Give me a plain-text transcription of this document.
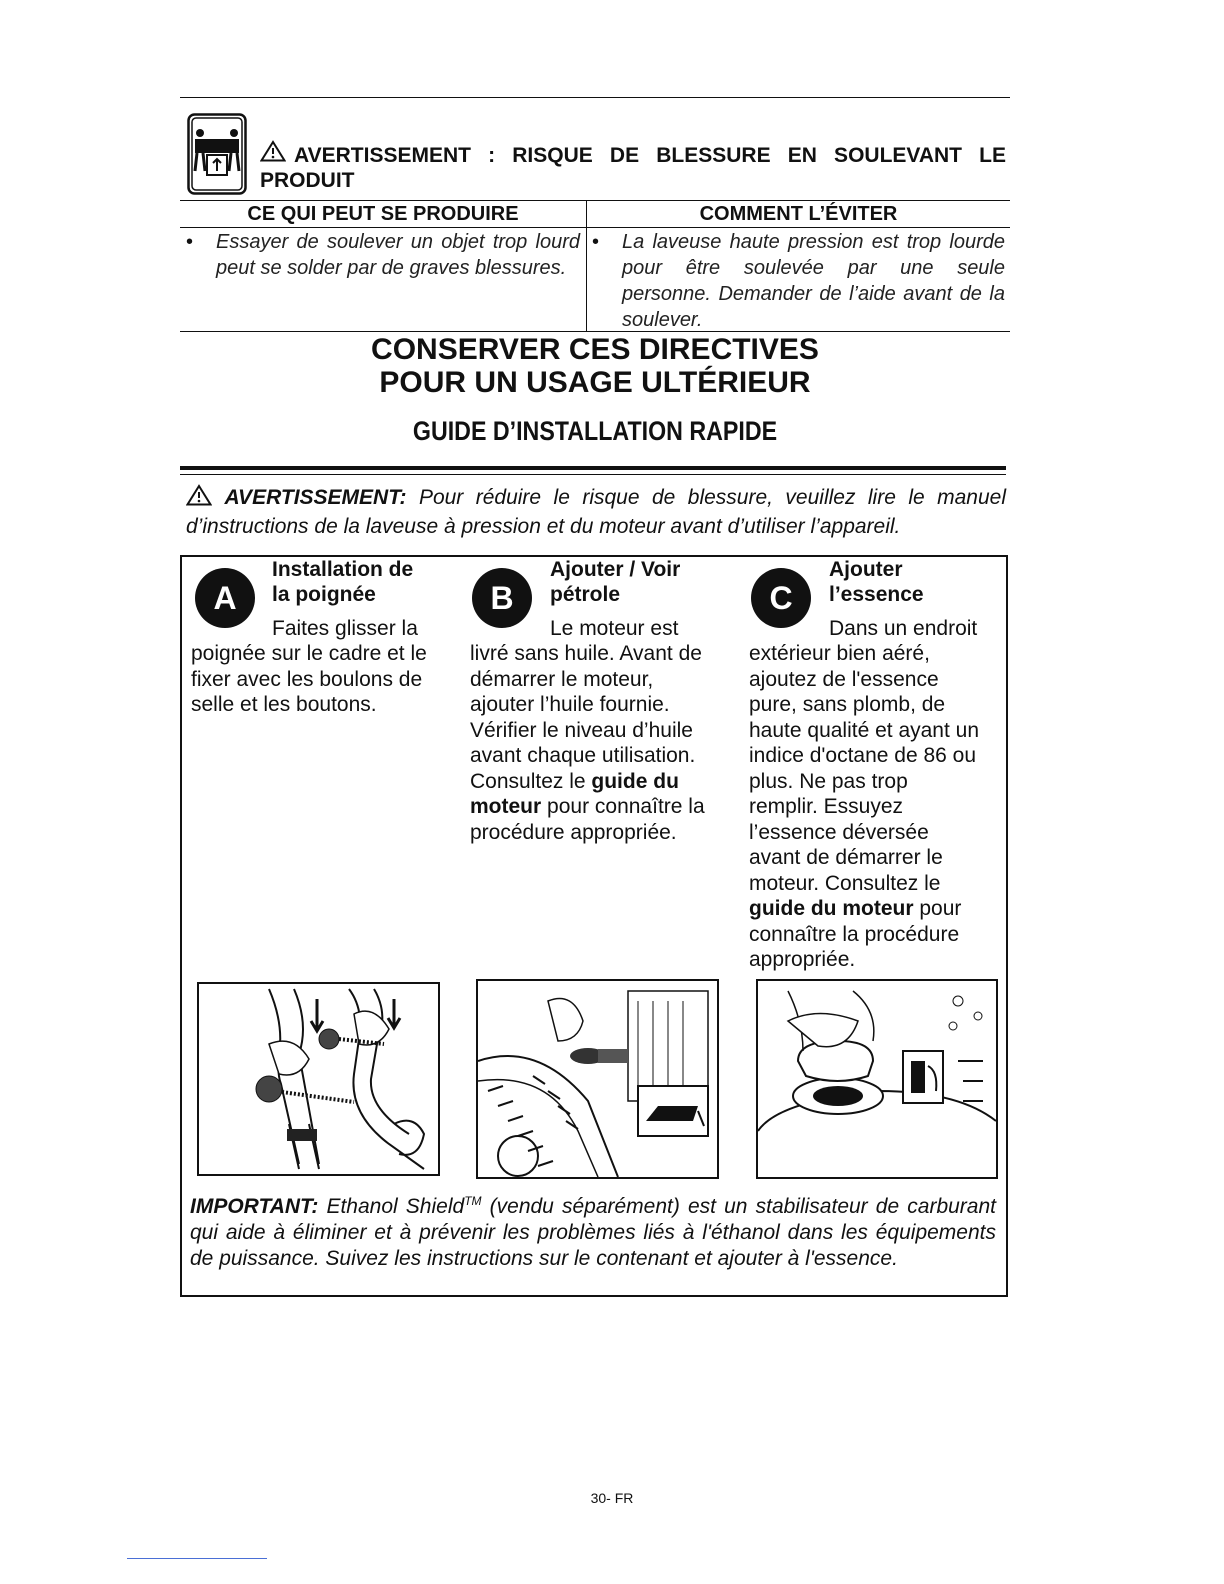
AVERTISSEMENT : RISQUE DE BLESSURE EN SOULEVANT LE PRODUIT
CE QUI PEUT SE PRODUIRE	COMMENT L’ÉVITER
• Essayer de soulever un objet trop lourd peut se solder par de graves blessures.
• La laveuse haute pression est trop lourde pour être soulevée par une seule personne. Demander de l’aide avant de la soulever.
CONSERVER CES DIRECTIVES
POUR UN USAGE ULTÉRIEUR
GUIDE D’INSTALLATION RAPIDE
AVERTISSEMENT: Pour réduire le risque de blessure, veuillez lire le manuel d’instructions de la laveuse à pression et du moteur avant d’utiliser l’appareil.
A
Installation de
la poignée
Faites glisser la
poignée sur le cadre et le fixer avec les boulons de selle et les boutons.
B
Ajouter / Voir
pétrole
Le moteur est
livré sans huile. Avant de démarrer le moteur, ajouter l’huile fournie. Vérifier le niveau d’huile avant chaque utilisation. Consultez le guide du moteur pour connaître la procédure appropriée.
C
Ajouter
l’essence
Dans un endroit
extérieur bien aéré, ajoutez de l'essence pure, sans plomb, de haute qualité et ayant un indice d'octane de 86 ou plus. Ne pas trop remplir. Essuyez l’essence déversée avant de démarrer le moteur. Consultez le guide du moteur pour connaître la procédure appropriée.
IMPORTANT: Ethanol Shield™ (vendu séparément) est un stabilisateur de carburant qui aide à éliminer et à prévenir les problèmes liés à l'éthanol dans les équipements de puissance. Suivez les instructions sur le contenant et ajouter à l'essence.
30- FR
